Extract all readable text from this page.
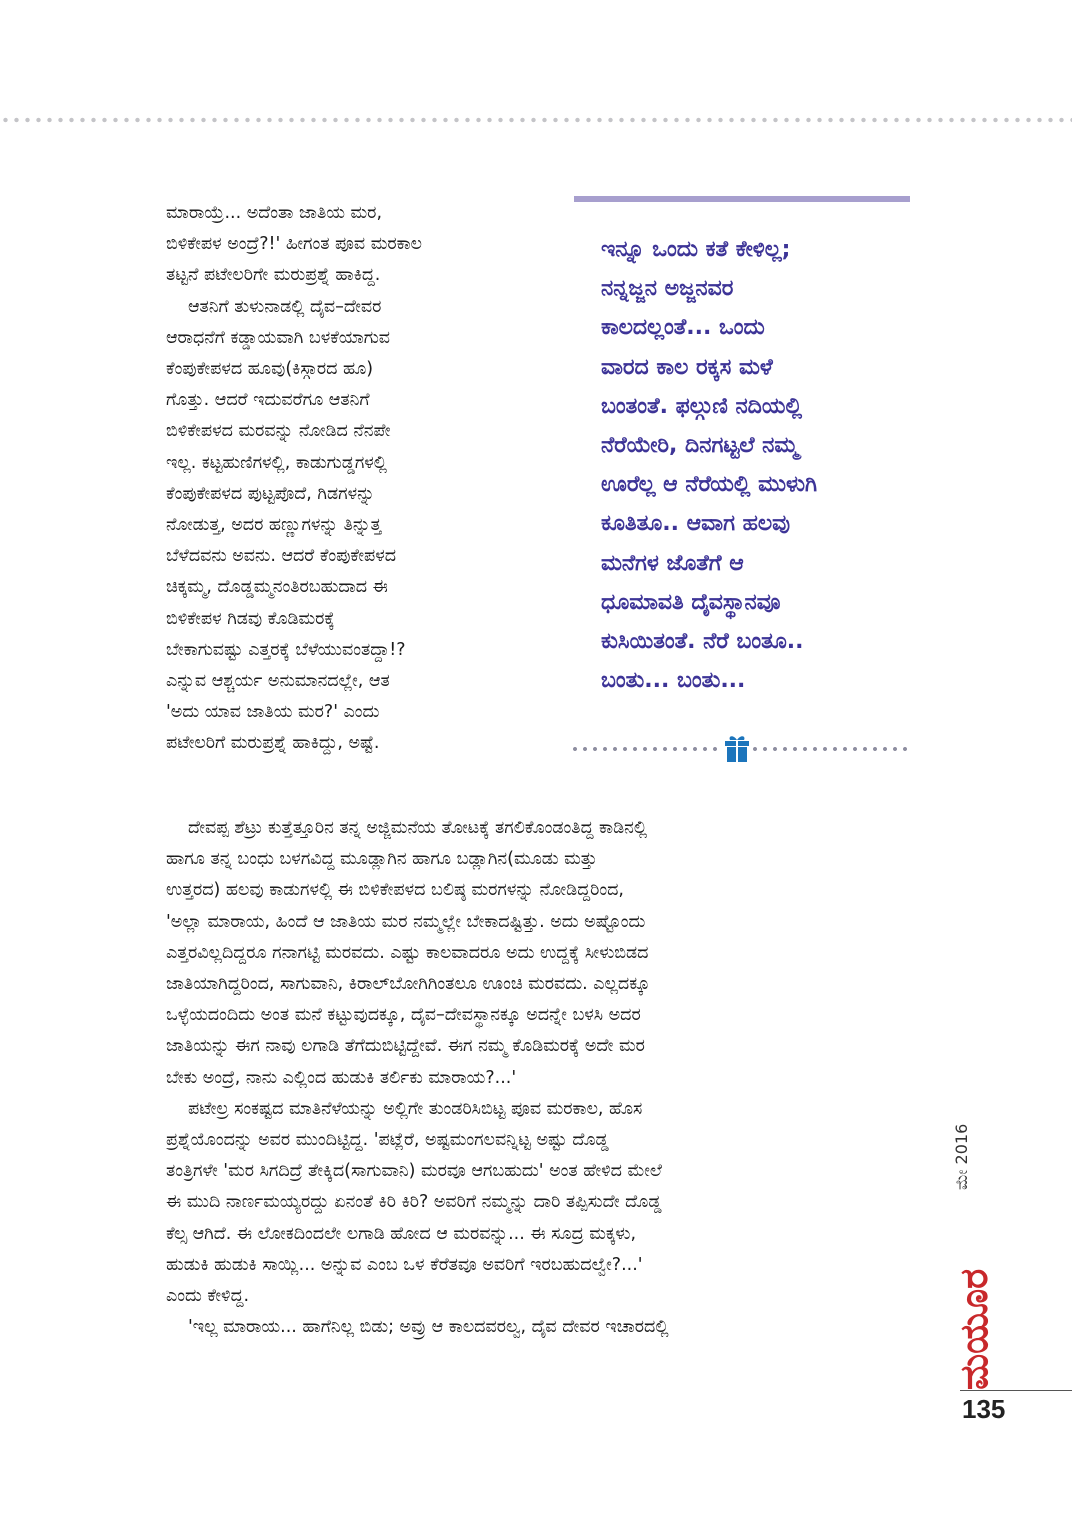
ಮಾರಾಯ್ರೆ... ಅದೆಂತಾ ಜಾತಿಯ ಮರ,
ಬಿಳಿಕೇಪಳ ಅಂದ್ರೆ?!' ಹೀಗಂತ ಪೂವ ಮರಕಾಲ
ತಟ್ಟನೆ ಪಟೇಲರಿಗೇ ಮರುಪ್ರಶ್ನೆ ಹಾಕಿದ್ದ.
ಆತನಿಗೆ ತುಳುನಾಡಲ್ಲಿ ದೈವ–ದೇವರ
ಆರಾಧನೆಗೆ ಕಡ್ಡಾಯವಾಗಿ ಬಳಕೆಯಾಗುವ
ಕೆಂಪುಕೇಪಳದ ಹೂವು(ಕಿಸ್ಗಾರದ ಹೂ)
ಗೊತ್ತು. ಆದರೆ ಇದುವರೆಗೂ ಆತನಿಗೆ
ಬಿಳಿಕೇಪಳದ ಮರವನ್ನು ನೋಡಿದ ನೆನಪೇ
ಇಲ್ಲ. ಕಟ್ಟಹುಣಿಗಳಲ್ಲಿ, ಕಾಡುಗುಡ್ಡಗಳಲ್ಲಿ
ಕೆಂಪುಕೇಪಳದ ಪುಟ್ಟಪೊದೆ, ಗಿಡಗಳನ್ನು
ನೋಡುತ್ತ, ಅದರ ಹಣ್ಣುಗಳನ್ನು ತಿನ್ನುತ್ತ
ಬೆಳೆದವನು ಅವನು. ಆದರೆ ಕೆಂಪುಕೇಪಳದ
ಚಿಕ್ಕಮ್ಮ, ದೊಡ್ಡಮ್ಮನಂತಿರಬಹುದಾದ ಈ
ಬಿಳಿಕೇಪಳ ಗಿಡವು ಕೊಡಿಮರಕ್ಕೆ
ಬೇಕಾಗುವಷ್ಟು ಎತ್ತರಕ್ಕೆ ಬೆಳೆಯುವಂತದ್ದಾ!?
ಎನ್ನುವ ಆಶ್ಚರ್ಯ ಅನುಮಾನದಲ್ಲೇ, ಆತ
'ಅದು ಯಾವ ಜಾತಿಯ ಮರ?' ಎಂದು
ಪಟೇಲರಿಗೆ ಮರುಪ್ರಶ್ನೆ ಹಾಕಿದ್ದು, ಅಷ್ಟೆ.
ಇನ್ನೂ ಒಂದು ಕತೆ ಕೇಳಿಲ್ಲ;
ನನ್ನಜ್ಜನ ಅಜ್ಜನವರ
ಕಾಲದಲ್ಲಂತೆ... ಒಂದು
ವಾರದ ಕಾಲ ರಕ್ಕಸ ಮಳೆ
ಬಂತಂತೆ. ಫಲ್ಗುಣಿ ನದಿಯಲ್ಲಿ
ನೆರೆಯೇರಿ, ದಿನಗಟ್ಟಲೆ ನಮ್ಮ
ಊರೆಲ್ಲ ಆ ನೆರೆಯಲ್ಲಿ ಮುಳುಗಿ
ಕೂತಿತೂ.. ಆವಾಗ ಹಲವು
ಮನೆಗಳ ಜೊತೆಗೆ ಆ
ಧೂಮಾವತಿ ದೈವಸ್ಥಾನವೂ
ಕುಸಿಯಿತಂತೆ. ನೆರೆ ಬಂತೂ..
ಬಂತು... ಬಂತು...
ದೇವಪ್ಪ ಶೆಟ್ರು ಕುತ್ತೆತ್ತೂರಿನ ತನ್ನ ಅಜ್ಜಿಮನೆಯ ತೋಟಕ್ಕೆ ತಗಲಿಕೊಂಡಂತಿದ್ದ ಕಾಡಿನಲ್ಲಿ
ಹಾಗೂ ತನ್ನ ಬಂಧು ಬಳಗವಿದ್ದ ಮೂಡ್ಲಾಗಿನ ಹಾಗೂ ಬಡ್ಲಾಗಿನ(ಮೂಡು ಮತ್ತು
ಉತ್ತರದ) ಹಲವು ಕಾಡುಗಳಲ್ಲಿ ಈ ಬಿಳಿಕೇಪಳದ ಬಲಿಷ್ಠ ಮರಗಳನ್ನು ನೋಡಿದ್ದರಿಂದ,
'ಅಲ್ಲಾ ಮಾರಾಯ, ಹಿಂದೆ ಆ ಜಾತಿಯ ಮರ ನಮ್ಮಲ್ಲೇ ಬೇಕಾದಷ್ಟಿತ್ತು. ಅದು ಅಷ್ಟೊಂದು
ಎತ್ತರವಿಲ್ಲದಿದ್ದರೂ ಗನಾಗಟ್ಟಿ ಮರವದು. ಎಷ್ಟು ಕಾಲವಾದರೂ ಅದು ಉದ್ದಕ್ಕೆ ಸೀಳುಬಿಡದ
ಜಾತಿಯಾಗಿದ್ದರಿಂದ, ಸಾಗುವಾನಿ, ಕಿರಾಲ್‌ಬೋಗಿಗಿಂತಲೂ ಊಂಚಿ ಮರವದು. ಎಲ್ಲದಕ್ಕೂ
ಒಳ್ಳೆಯದಂದಿದು ಅಂತ ಮನೆ ಕಟ್ಟುವುದಕ್ಕೂ, ದೈವ–ದೇವಸ್ಥಾನಕ್ಕೂ ಅದನ್ನೇ ಬಳಸಿ ಅದರ
ಜಾತಿಯನ್ನು ಈಗ ನಾವು ಲಗಾಡಿ ತೆಗೆದುಬಿಟ್ಟಿದ್ದೇವೆ. ಈಗ ನಮ್ಮ ಕೊಡಿಮರಕ್ಕೆ ಅದೇ ಮರ
ಬೇಕು ಅಂದ್ರೆ, ನಾನು ಎಲ್ಲಿಂದ ಹುಡುಕಿ ತರ್ಲಿಕು ಮಾರಾಯ?...'
ಪಟೇಲ್ರ ಸಂಕಷ್ಟದ ಮಾತಿನೆಳೆಯನ್ನು ಅಲ್ಲಿಗೇ ತುಂಡರಿಸಿಬಿಟ್ಟ ಪೂವ ಮರಕಾಲ, ಹೊಸ
ಪ್ರಶ್ನೆಯೊಂದನ್ನು ಅವರ ಮುಂದಿಟ್ಟಿದ್ದ. 'ಪಟ್ಲೆರೆ, ಅಷ್ಟಮಂಗಲವನ್ನಿಟ್ಟ ಅಷ್ಟು ದೊಡ್ಡ
ತಂತ್ರಿಗಳೇ 'ಮರ ಸಿಗದಿದ್ರೆ ತೇಕ್ಕಿದ(ಸಾಗುವಾನಿ) ಮರವೂ ಆಗಬಹುದು' ಅಂತ ಹೇಳಿದ ಮೇಲೆ
ಈ ಮುದಿ ನಾರ್ಣಮಯ್ಯರದ್ದು ಏನಂತೆ ಕಿರಿ ಕಿರಿ? ಅವರಿಗೆ ನಮ್ಮನ್ನು ದಾರಿ ತಪ್ಪಿಸುದೇ ದೊಡ್ಡ
ಕೆಲ್ಸ ಆಗಿದೆ. ಈ ಲೋಕದಿಂದಲೇ ಲಗಾಡಿ ಹೋದ ಆ ಮರವನ್ನು... ಈ ಸೂದ್ರ ಮಕ್ಕಳು,
ಹುಡುಕಿ ಹುಡುಕಿ ಸಾಯ್ಲಿ... ಅನ್ನುವ ಎಂಬ ಒಳ ಕೆರೆತವೂ ಅವರಿಗೆ ಇರಬಹುದಲ್ವೇ?...'
ಎಂದು ಕೇಳಿದ್ದ.
'ಇಲ್ಲ ಮಾರಾಯ... ಹಾಗೆನಿಲ್ಲ ಬಿಡು; ಅವ್ರು ಆ ಕಾಲದವರಲ್ವ, ದೈವ ದೇವರ ಇಚಾರದಲ್ಲಿ
ಮೇ 2016
ಮಯೂರ
135
